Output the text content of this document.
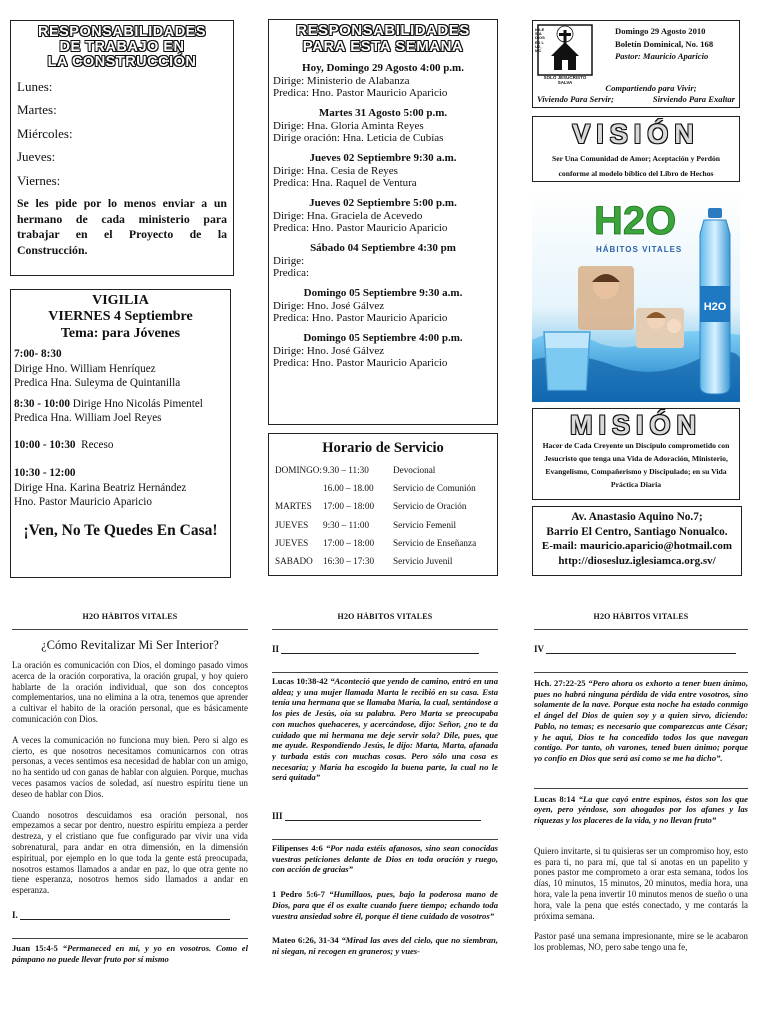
RESPONSABILIDADES
DE TRABAJO EN
LA CONSTRUCCIÓN
Lunes:
Martes:
Miércoles:
Jueves:
Viernes:
Se les pide por lo menos enviar a un hermano de cada ministerio para trabajar en el Proyecto de la Construcción.
VIGILIA
VIERNES 4 Septiembre
Tema: para Jóvenes
7:00- 8:30
Dirige Hno. William Henríquez
Predica Hna. Suleyma de Quintanilla
8:30 - 10:00 Dirige Hno Nicolás Pimentel
Predica Hna. William Joel Reyes
10:00 - 10:30 Receso
10:30 - 12:00
Dirige Hna. Karina Beatriz Hernández
Hno. Pastor Mauricio Aparicio
¡Ven, No Te Quedes En Casa!
RESPONSABILIDADES
PARA ESTA SEMANA
Hoy, Domingo 29 Agosto 4:00 p.m.
Dirige: Ministerio de Alabanza
Predica: Hno. Pastor Mauricio Aparicio
Martes 31 Agosto 5:00 p.m.
Dirige: Hna. Gloria Aminta Reyes
Dirige oración: Hna. Leticia de Cubías
Jueves 02 Septiembre 9:30 a.m.
Dirige: Hna. Cesia de Reyes
Predica: Hna. Raquel de Ventura
Jueves 02 Septiembre 5:00 p.m.
Dirige: Hna. Graciela de Acevedo
Predica: Hno. Pastor Mauricio Aparicio
Sábado 04 Septiembre 4:30 pm
Dirige:
Predica:
Domingo 05 Septiembre 9:30 a.m.
Dirige: Hno. José Gálvez
Predica: Hno. Pastor Mauricio Aparicio
Domingo 05 Septiembre 4:00 p.m.
Dirige: Hno. José Gálvez
Predica: Hno. Pastor Mauricio Aparicio
Horario de Servicio
DOMINGO: 9.30 – 11:30	Devocional
16.00 – 18.00	Servicio de Comunión
MARTES	17:00 – 18:00	Servicio de Oración
JUEVES	9:30 – 11:00	Servicio Femenil
JUEVES	17:00 – 18:00	Servicio de Enseñanza
SABADO	16:30 – 17:30	Servicio Juvenil
IGLESIA DIOS ES LUZ, MC
SOLO JESUCRISTO SALVA
Domingo 29 Agosto 2010
Boletín Dominical, No. 168
Pastor: Mauricio Aparicio
Compartiendo para Vivir;
Viviendo Para Servir;	Sirviendo Para Exaltar
VISIÓN
Ser Una Comunidad de Amor; Aceptación y Perdón
conforme al modelo bíblico del Libro de Hechos
H2O
H2O
HÁBITOS VITALES
MISIÓN
Hacer de Cada Creyente un Discípulo comprometido con Jesucristo que tenga una Vida de Adoración, Ministerio, Evangelismo, Compañerismo y Discipulado; en su Vida Práctica Diaria
Av. Anastasio Aquino No.7;
Barrio El Centro, Santiago Nonualco.
E-mail: mauricio.aparicio@hotmail.com
http://diosesluz.iglesiamca.org.sv/
H2O HÁBITOS VITALES
¿Cómo Revitalizar Mi Ser Interior?

La oración es comunicación con Dios, el domingo pasado vimos acerca de la oración corporativa, la oración grupal, y hoy quiero hablarte de la oración individual, que son dos conceptos complementarios, una no elimina a la otra, tenemos que aprender a cultivar el habito de la oración personal, que es básicamente comunicación con Dios.

A veces la comunicación no funciona muy bien. Pero si algo es cierto, es que nosotros necesitamos comunicarnos con otras personas, a veces sentimos esa necesidad de hablar con un amigo, no ha sentido ud con ganas de hablar con alguien. Porque, muchas veces pasamos vacíos de soledad, así nuestro espíritu tiene un deseo de hablar con Dios.

Cuando nosotros descuidamos esa oración personal, nos empezamos a secar por dentro, nuestro espíritu empieza a perder destreza, y el cristiano que fue configurado par vivir una vida sobrenatural, para andar en otra dimensión, en la dimensión espiritual, por ejemplo en lo que toda la gente está preocupada, nosotros estamos llamados a andar en paz, lo que otra gente no tiene esperanza, nosotros hemos sido llamados a andar en esperanza.

I.
Juan 15:4-5 “Permaneced en mí, y yo en vosotros. Como el pámpano no puede llevar fruto por sí mismo
H2O HÁBITOS VITALES
II
Lucas 10:38-42 “Aconteció que yendo de camino, entró en una aldea; y una mujer llamada Marta le recibió en su casa. Esta tenía una hermana que se llamaba María, la cual, sentándose a los pies de Jesús, oía su palabra. Pero Marta se preocupaba con muchos quehaceres, y acercándose, dijo: Señor, ¿no te da cuidado que mi hermana me deje servir sola? Dile, pues, que me ayude. Respondiendo Jesús, le dijo: Marta, Marta, afanada y turbada estás con muchas cosas. Pero sólo una cosa es necesaria; y María ha escogido la buena parte, la cual no le será quitada”
III
Filipenses 4:6 “Por nada estéis afanosos, sino sean conocidas vuestras peticiones delante de Dios en toda oración y ruego, con acción de gracias”
1 Pedro 5:6-7 “Humillaos, pues, bajo la poderosa mano de Dios, para que él os exalte cuando fuere tiempo; echando toda vuestra ansiedad sobre él, porque él tiene cuidado de vosotros”
Mateo 6:26, 31-34 “Mirad las aves del cielo, que no siembran, ni siegan, ni recogen en graneros; y vues-
H2O HÁBITOS VITALES
IV
Hch. 27:22-25 “Pero ahora os exhorto a tener buen ánimo, pues no habrá ninguna pérdida de vida entre vosotros, sino solamente de la nave. Porque esta noche ha estado conmigo el ángel del Dios de quien soy y a quien sirvo, diciendo: Pablo, no temas; es necesario que comparezcas ante César; y he aquí, Dios te ha concedido todos los que navegan contigo. Por tanto, oh varones, tened buen ánimo; porque yo confío en Dios que será así como se me ha dicho”.
Lucas 8:14 “La que cayó entre espinos, éstos son los que oyen, pero yéndose, son ahogados por los afanes y las riquezas y los placeres de la vida, y no llevan fruto”

Quiero invitarte, si tu quisieras ser un compromiso hoy, esto es para ti, no para mí, que tal si anotas en un papelito y pones pastor me comprometo a orar esta semana, todos los días, 10 minutos, 15 minutos, 20 minutos, media hora, una hora, vale la pena invertir 10 minutos menos de sueño o una hora, vale la pena que estés conectado, y me contarás la próxima semana.

Pastor pasé una semana impresionante, mire se le acabaron los problemas, NO, pero sabe tengo una fe,
